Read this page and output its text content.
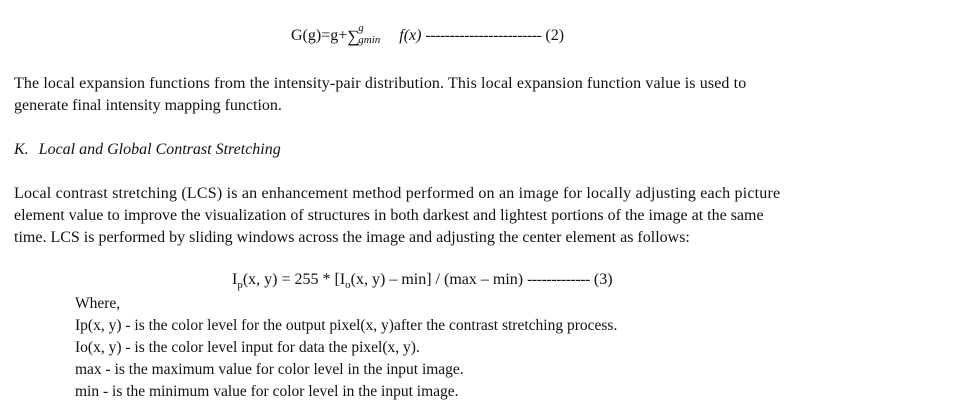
G(g)=g+ ∑
g
gmin f(x) ------------------------ (2)
The local expansion functions from the intensity-pair distribution. This local expansion function value is used to
generate final intensity mapping function.
K. Local and Global Contrast Stretching
Local contrast stretching (LCS) is an enhancement method performed on an image for locally adjusting each picture
element value to improve the visualization of structures in both darkest and lightest portions of the image at the same
time. LCS is performed by sliding windows across the image and adjusting the center element as follows:
$I_p(x$, $y) = 255 * [I_o(x$, y) – min] / (max – min) ------------- (3)
Where,
Ip(x, y) - is the color level for the output pixel(x, y)after the contrast stretching process.
Io(x, y) - is the color level input for data the pixel(x, y).
max - is the maximum value for color level in the input image.
min - is the minimum value for color level in the input image.
